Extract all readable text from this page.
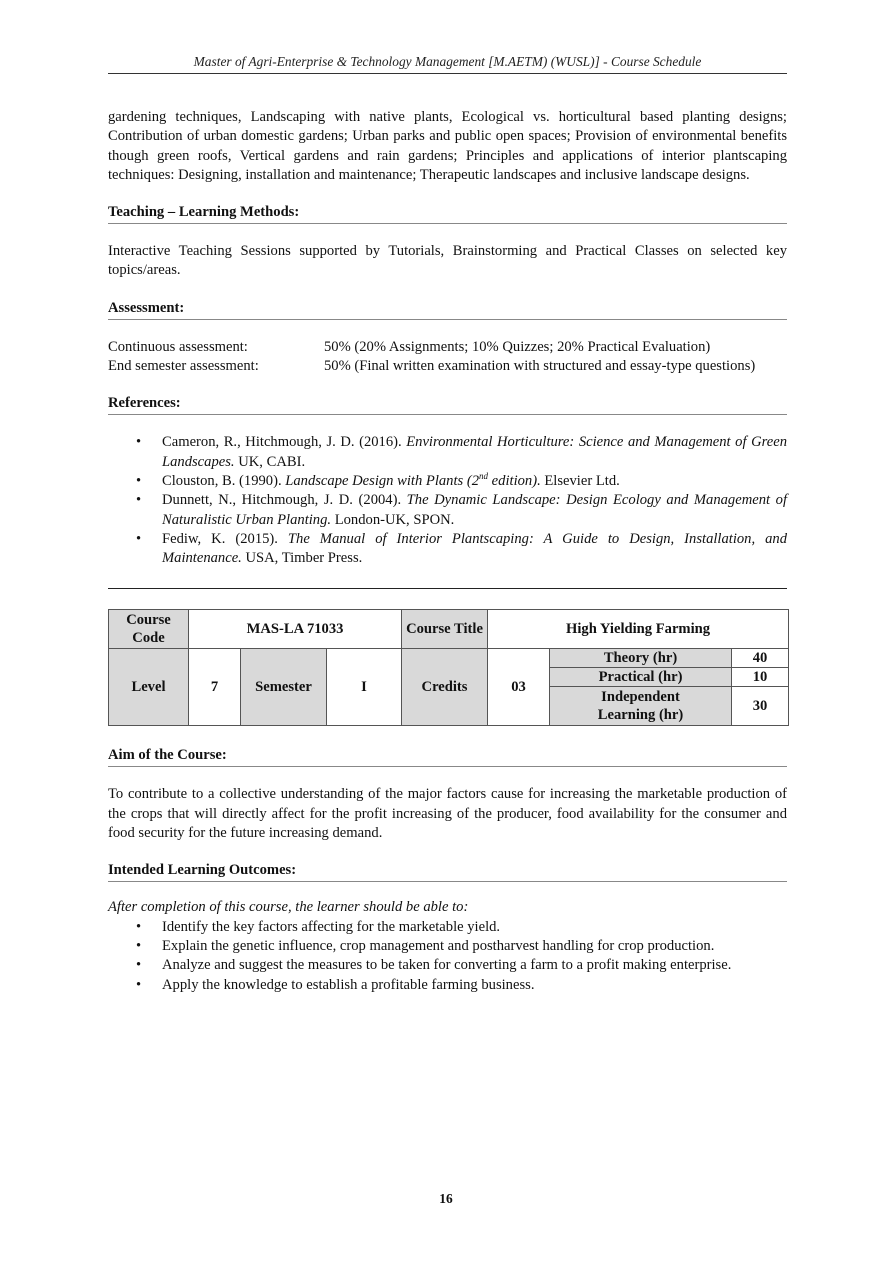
Master of Agri-Enterprise & Technology Management [M.AETM) (WUSL)] - Course Schedule

gardening techniques, Landscaping with native plants, Ecological vs. horticultural based planting designs; Contribution of urban domestic gardens; Urban parks and public open spaces; Provision of environmental benefits though green roofs, Vertical gardens and rain gardens; Principles and applications of interior plantscaping techniques: Designing, installation and maintenance; Therapeutic landscapes and inclusive landscape designs.

Teaching – Learning Methods:

Interactive Teaching Sessions supported by Tutorials, Brainstorming and Practical Classes on selected key topics/areas.

Assessment:
Continuous assessment:	50% (20% Assignments; 10% Quizzes; 20% Practical Evaluation)
End semester assessment:	50% (Final written examination with structured and essay-type questions)
References:
• Cameron, R., Hitchmough, J. D. (2016). Environmental Horticulture: Science and Management of Green Landscapes. UK, CABI.
• Clouston, B. (1990). Landscape Design with Plants (2nd edition). Elsevier Ltd.
• Dunnett, N., Hitchmough, J. D. (2004). The Dynamic Landscape: Design Ecology and Management of Naturalistic Urban Planting. London-UK, SPON.
• Fediw, K. (2015). The Manual of Interior Plantscaping: A Guide to Design, Installation, and Maintenance. USA, Timber Press.
Course Code	MAS-LA 71033			Course Title	High Yielding Farming		
Level	7	Semester	I	Credits	03	Theory (hr)	40
						Practical (hr)	10
						Independent Learning (hr)	30
Aim of the Course:

To contribute to a collective understanding of the major factors cause for increasing the marketable production of the crops that will directly affect for the profit increasing of the producer, food availability for the consumer and food security for the future increasing demand.

Intended Learning Outcomes:
After completion of this course, the learner should be able to:
• Identify the key factors affecting for the marketable yield.
• Explain the genetic influence, crop management and postharvest handling for crop production.
• Analyze and suggest the measures to be taken for converting a farm to a profit making enterprise.
• Apply the knowledge to establish a profitable farming business.
16
